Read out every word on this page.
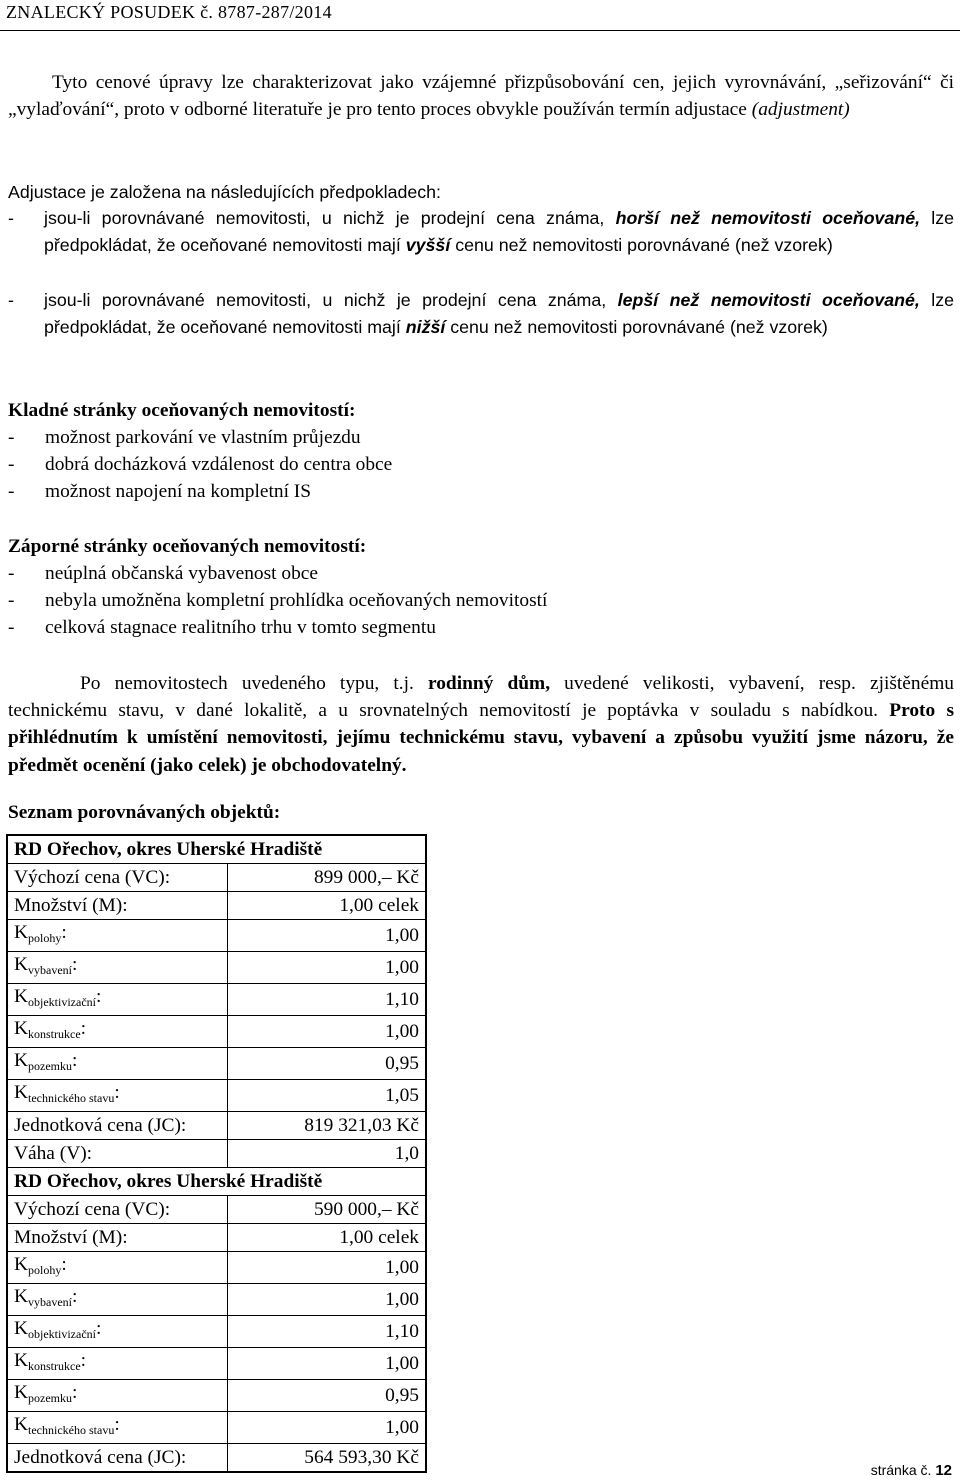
ZNALECKÝ POSUDEK č. 8787-287/2014

Tyto cenové úpravy lze charakterizovat jako vzájemné přizpůsobování cen, jejich vyrovnávání, „seřizování“ či „vylaďování“, proto v odborné literatuře je pro tento proces obvykle používán termín adjustace (adjustment)

Adjustace je založena na následujících předpokladech:
- jsou-li porovnávané nemovitosti, u nichž je prodejní cena známa, horší než nemovitosti oceňované, lze předpokládat, že oceňované nemovitosti mají vyšší cenu než nemovitosti porovnávané (než vzorek)
- jsou-li porovnávané nemovitosti, u nichž je prodejní cena známa, lepší než nemovitosti oceňované, lze předpokládat, že oceňované nemovitosti mají nižší cenu než nemovitosti porovnávané (než vzorek)
Kladné stránky oceňovaných nemovitostí:
- možnost parkování ve vlastním průjezdu
- dobrá docházková vzdálenost do centra obce
- možnost napojení na kompletní IS
Záporné stránky oceňovaných nemovitostí:
- neúplná občanská vybavenost obce
- nebyla umožněna kompletní prohlídka oceňovaných nemovitostí
- celková stagnace realitního trhu v tomto segmentu

Po nemovitostech uvedeného typu, t.j. rodinný dům, uvedené velikosti, vybavení, resp. zjištěnému technickému stavu, v dané lokalitě, a u srovnatelných nemovitostí je poptávka v souladu s nabídkou. Proto s přihlédnutím k umístění nemovitosti, jejímu technickému stavu, vybavení a způsobu využití jsme názoru, že předmět ocenění (jako celek) je obchodovatelný.

Seznam porovnávaných objektů:
RD Ořechov, okres Uherské Hradiště	
Výchozí cena (VC):	899 000,– Kč
Množství (M):	1,00 celek
$K_{polohy}$:	1,00
$K_{vybavení}$:	1,00
$K_{objektivizační}$:	1,10
$K_{konstrukce}$:	1,00
$K_{pozemku}$:	0,95
$K_{technického stavu}$:	1,05
Jednotková cena (JC):	819 321,03 Kč
Váha (V):	1,0
RD Ořechov, okres Uherské Hradiště	
Výchozí cena (VC):	590 000,– Kč
Množství (M):	1,00 celek
$K_{polohy}$:	1,00
$K_{vybavení}$:	1,00
$K_{objektivizační}$:	1,10
$K_{konstrukce}$:	1,00
$K_{pozemku}$:	0,95
$K_{technického stavu}$:	1,00
Jednotková cena (JC):	564 593,30 Kč
stránka č. 12
